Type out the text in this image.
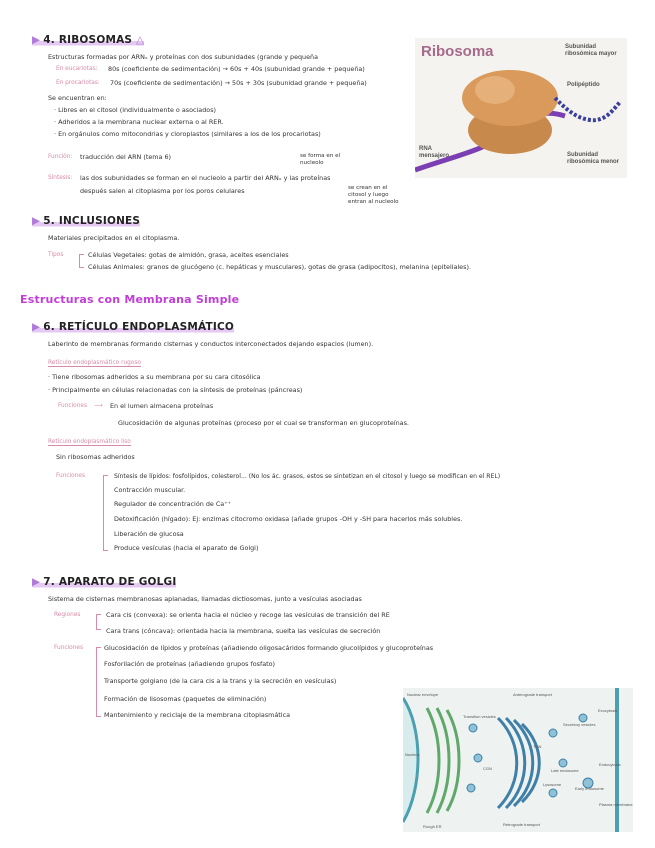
▶ 4. RIBOSOMAS △
Estructuras formadas por ARNₓ y proteínas con dos subunidades (grande y pequeña
En eucariotas: 80s (coeficiente de sedimentación) → 60s + 40s (subunidad grande + pequeña)
En procariotas: 70s (coeficiente de sedimentación) → 50s + 30s (subunidad grande + pequeña)
Se encuentran en:
· Libres en el citosol (individualmente o asociados)
· Adheridos a la membrana nuclear externa o al RER.
· En orgánulos como mitocondrias y cloroplastos (similares a los de los procariotas)
Función: traducción del ARN (tema 6)	se forma en el nucleolo
Síntesis: las dos subunidades se forman en el nucleolo a partir del ARNₓ y las proteínas
después salen al citoplasma por los poros celulares	se crean en el citosol y luego entran al nucleolo
Ribosoma	Subunidad ribosómica mayor
Polipéptido
RNA mensajero	Subunidad ribosómica menor
▶ 5. INCLUSIONES
Materiales precipitados en el citoplasma.
Tipos	Células Vegetales: gotas de almidón, grasa, aceites esenciales
Células Animales: granos de glucógeno (c. hepáticas y musculares), gotas de grasa (adipocitos), melanina (epiteliales).
Estructuras con Membrana Simple
▶ 6. RETÍCULO ENDOPLASMÁTICO
Laberinto de membranas formando cisternas y conductos interconectados dejando espacios (lumen).
Retículo endoplasmático rugoso
· Tiene ribosomas adheridos a su membrana por su cara citosólica
· Principalmente en células relacionadas con la síntesis de proteínas (páncreas)
Funciones ⟶ En el lumen almacena proteínas
Glucosidación de algunas proteínas (proceso por el cual se transforman en glucoproteínas.
Retículo endoplasmático liso
Sin ribosomas adheridos
Funciones	Síntesis de lípidos: fosfolípidos, colesterol... (No los ác. grasos, estos se sintetizan en el citosol y luego se modifican en el REL)
Contracción muscular.
Regulador de concentración de Ca⁺⁺
Detoxificación (hígado): Ej: enzimas citocromo oxidasa (añade grupos -OH y -SH para hacerlos más solubles.
Liberación de glucosa
Produce vesículas (hacia el aparato de Golgi)
▶ 7. APARATO DE GOLGI
Sistema de cisternas membranosas aplanadas, llamadas dictiosomas, junto a vesículas asociadas
Regiones	Cara cis (convexa): se orienta hacia el núcleo y recoge las vesículas de transición del RE
Cara trans (cóncava): orientada hacia la membrana, suelta las vesículas de secreción
Funciones	Glucosidación de lípidos y proteínas (añadiendo oligosacáridos formando glucolípidos y glucoproteínas
Fosforilación de proteínas (añadiendo grupos fosfato)
Transporte golgiano (de la cara cis a la trans y la secreción en vesículas)
Formación de lisosomas (paquetes de eliminación)
Mantenimiento y reciclaje de la membrana citoplasmática
Nuclear envelope	Anterograde transport
Nucleus
Transition vesicles
Secretory vesicles
Exocytosis
TGN
CGN
Endocytosis
Late endosome
Early endosome
Lysosome
Plasma membrane
Rough ER	Retrograde transport
